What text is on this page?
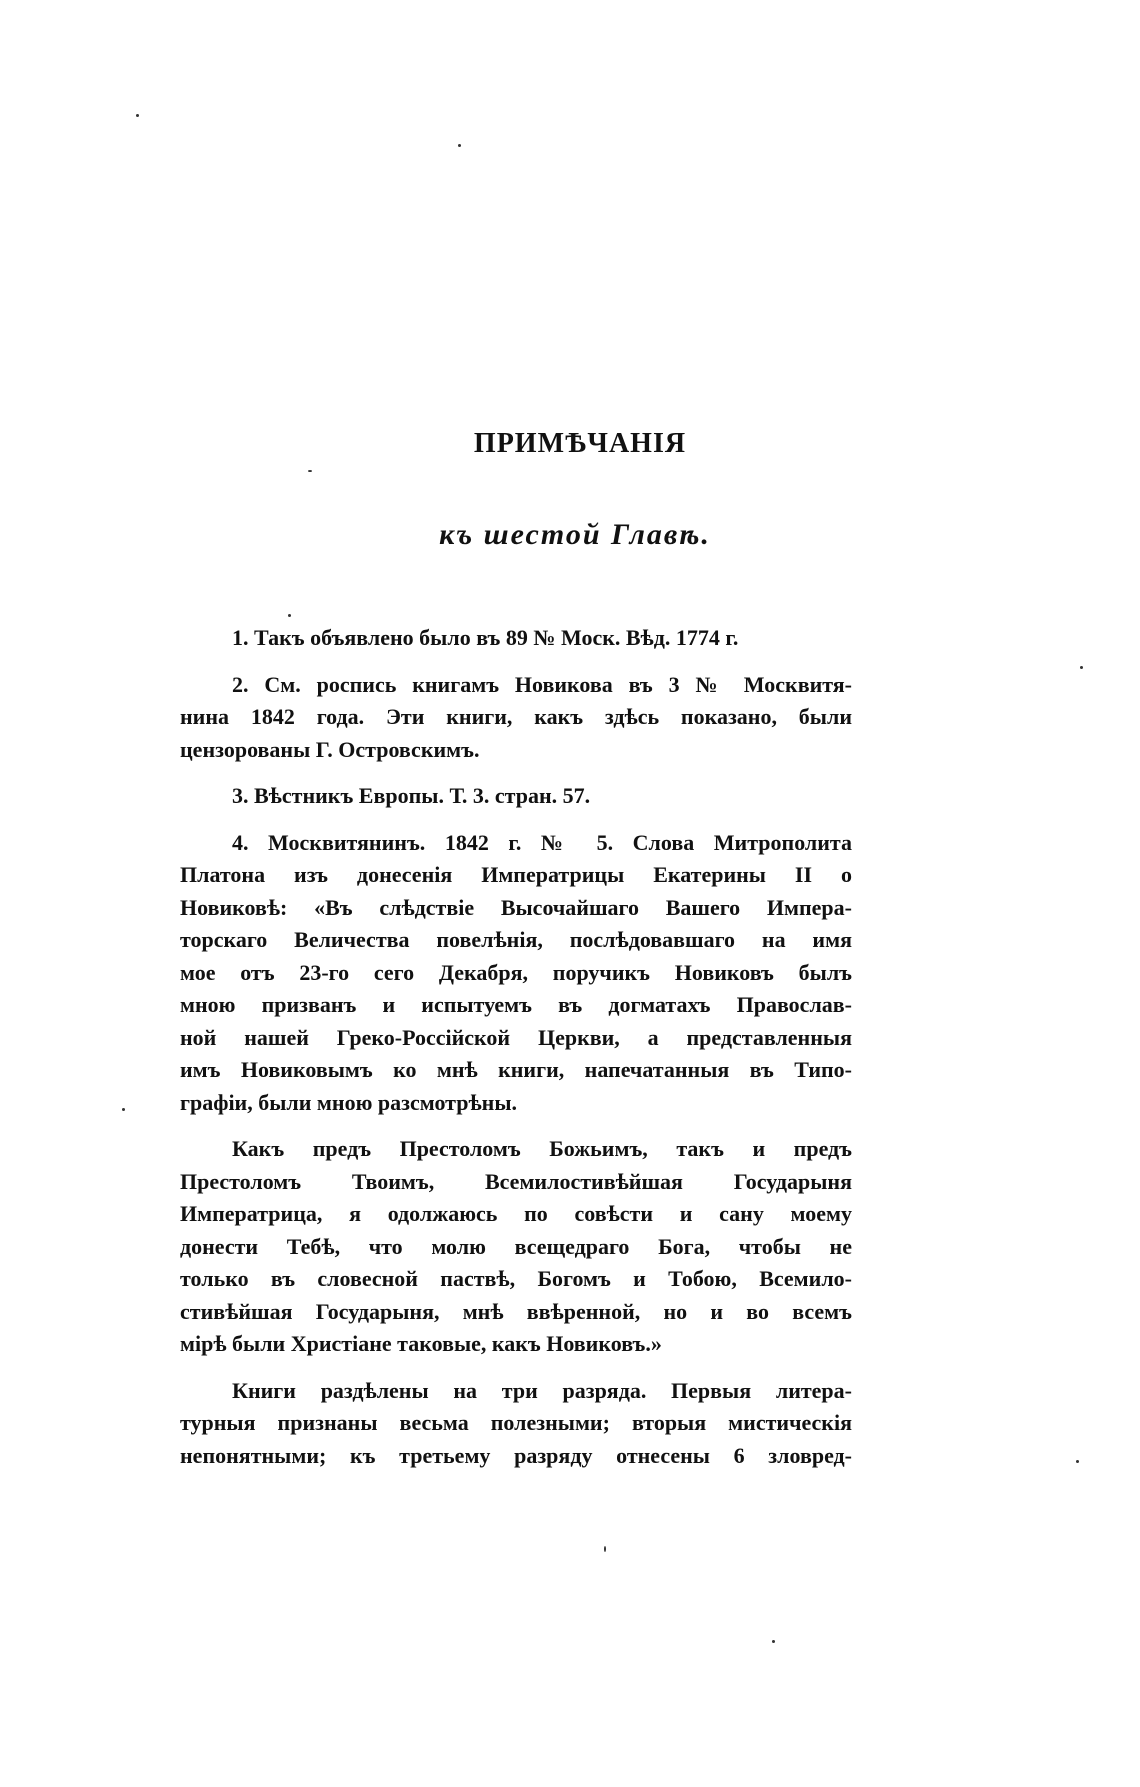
ПРИМѢЧАНІЯ
къ шестой Главѣ.

1. Такъ объявлено было въ 89 № Моск. Вѣд. 1774 г.

2. См. роспись книгамъ Новикова въ 3 № Москвитя-
нина 1842 года. Эти книги, какъ здѣсь показано, были
цензорованы Г. Островскимъ.

3. Вѣстникъ Европы. Т. 3. стран. 57.

4. Москвитянинъ. 1842 г. № 5. Слова Митрополита
Платона изъ донесенія Императрицы Екатерины II о
Новиковѣ: «Въ слѣдствіе Высочайшаго Вашего Импера-
торскаго Величества повелѣнія, послѣдовавшаго на имя
мое отъ 23-го сего Декабря, поручикъ Новиковъ былъ
мною призванъ и испытуемъ въ догматахъ Православ-
ной нашей Греко-Россійской Церкви, а представленныя
имъ Новиковымъ ко мнѣ книги, напечатанныя въ Типо-
графіи, были мною разсмотрѣны.

Какъ предъ Престоломъ Божьимъ, такъ и предъ
Престоломъ Твоимъ, Всемилостивѣйшая Государыня
Императрица, я одолжаюсь по совѣсти и сану моему
донести Тебѣ, что молю всещедраго Бога, чтобы не
только въ словесной паствѣ, Богомъ и Тобою, Всемило-
стивѣйшая Государыня, мнѣ ввѣренной, но и во всемъ
мірѣ были Христіане таковые, какъ Новиковъ.»

Книги раздѣлены на три разряда. Первыя литера-
турныя признаны весьма полезными; вторыя мистическія
непонятными; къ третьему разряду отнесены 6 зловред-
